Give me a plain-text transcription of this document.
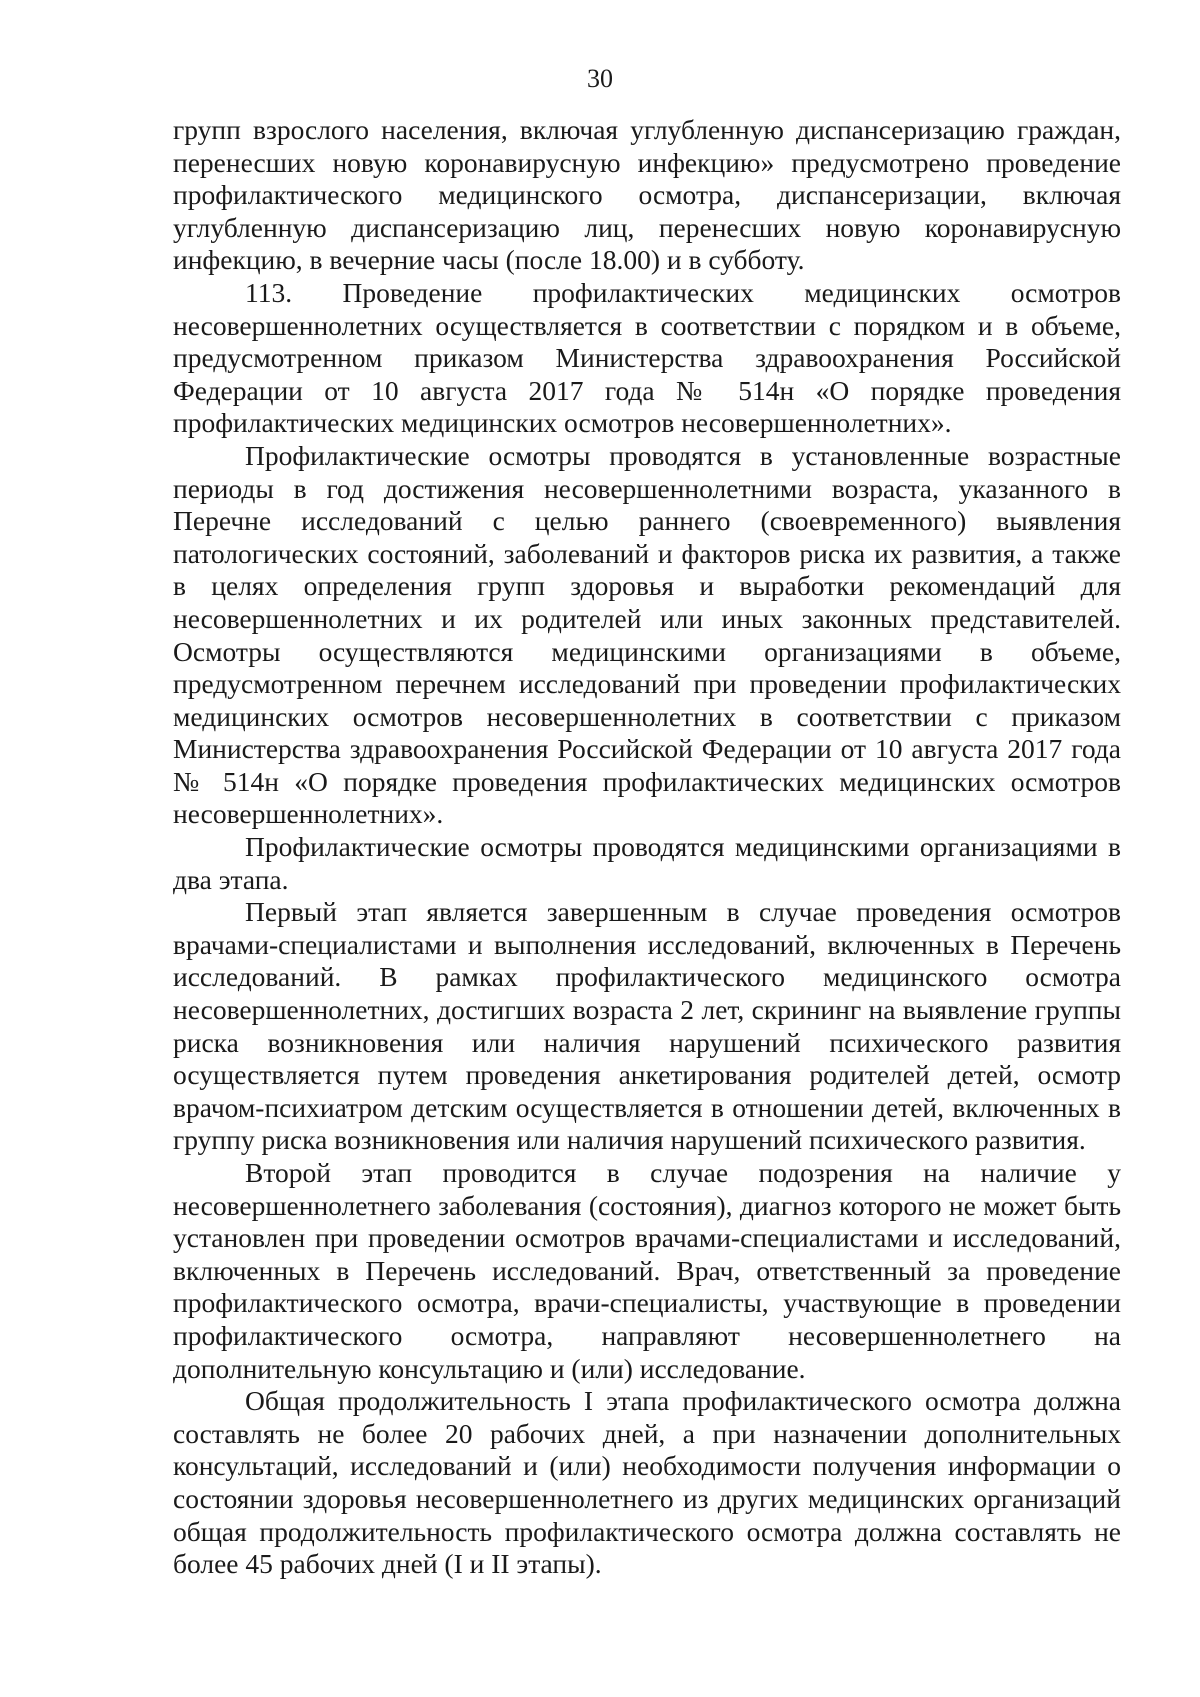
30

групп взрослого населения, включая углубленную диспансеризацию граждан, перенесших новую коронавирусную инфекцию» предусмотрено проведение профилактического медицинского осмотра, диспансеризации, включая углубленную диспансеризацию лиц, перенесших новую коронавирусную инфекцию, в вечерние часы (после 18.00) и в субботу.

113. Проведение профилактических медицинских осмотров несовершеннолетних осуществляется в соответствии с порядком и в объеме, предусмотренном приказом Министерства здравоохранения Российской Федерации от 10 августа 2017 года № 514н «О порядке проведения профилактических медицинских осмотров несовершеннолетних».

Профилактические осмотры проводятся в установленные возрастные периоды в год достижения несовершеннолетними возраста, указанного в Перечне исследований с целью раннего (своевременного) выявления патологических состояний, заболеваний и факторов риска их развития, а также в целях определения групп здоровья и выработки рекомендаций для несовершеннолетних и их родителей или иных законных представителей. Осмотры осуществляются медицинскими организациями в объеме, предусмотренном перечнем исследований при проведении профилактических медицинских осмотров несовершеннолетних в соответствии с приказом Министерства здравоохранения Российской Федерации от 10 августа 2017 года № 514н «О порядке проведения профилактических медицинских осмотров несовершеннолетних».

Профилактические осмотры проводятся медицинскими организациями в два этапа.

Первый этап является завершенным в случае проведения осмотров врачами-специалистами и выполнения исследований, включенных в Перечень исследований. В рамках профилактического медицинского осмотра несовершеннолетних, достигших возраста 2 лет, скрининг на выявление группы риска возникновения или наличия нарушений психического развития осуществляется путем проведения анкетирования родителей детей, осмотр врачом-психиатром детским осуществляется в отношении детей, включенных в группу риска возникновения или наличия нарушений психического развития.

Второй этап проводится в случае подозрения на наличие у несовершеннолетнего заболевания (состояния), диагноз которого не может быть установлен при проведении осмотров врачами-специалистами и исследований, включенных в Перечень исследований. Врач, ответственный за проведение профилактического осмотра, врачи-специалисты, участвующие в проведении профилактического осмотра, направляют несовершеннолетнего на дополнительную консультацию и (или) исследование.

Общая продолжительность I этапа профилактического осмотра должна составлять не более 20 рабочих дней, а при назначении дополнительных консультаций, исследований и (или) необходимости получения информации о состоянии здоровья несовершеннолетнего из других медицинских организаций общая продолжительность профилактического осмотра должна составлять не более 45 рабочих дней (I и II этапы).
